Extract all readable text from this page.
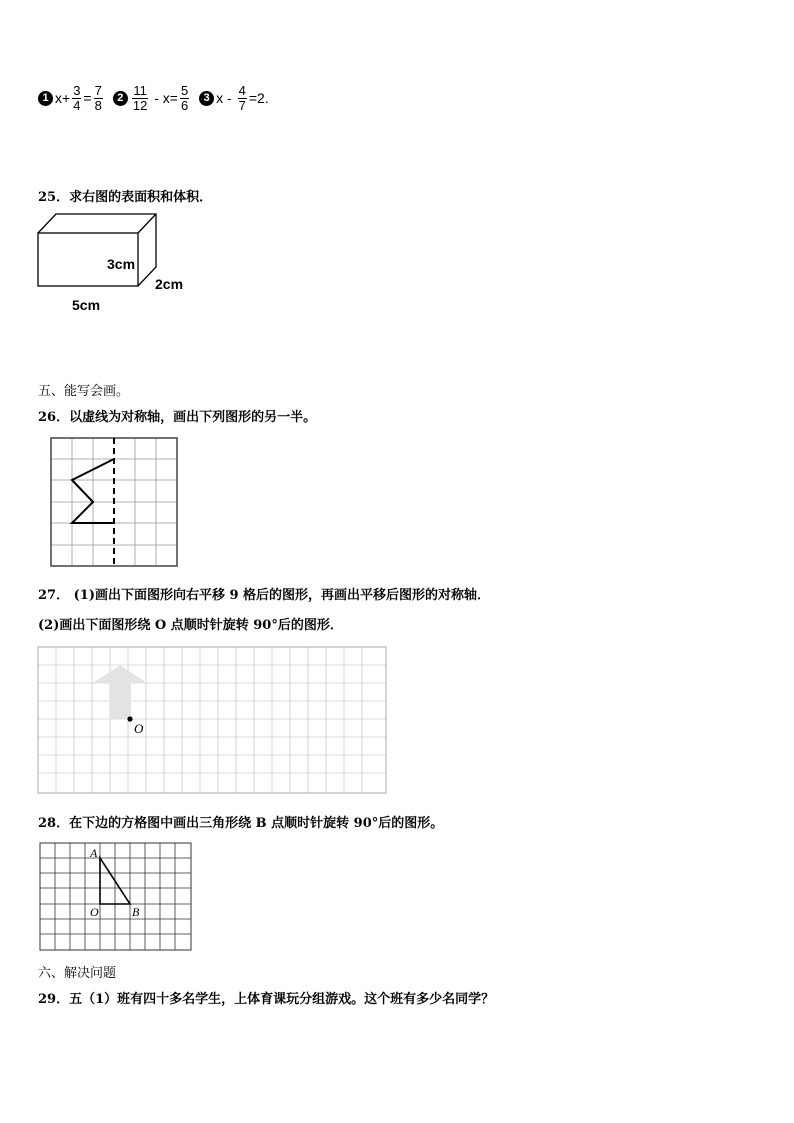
1 $x+ \frac{3}{4} = \frac{7}{8}$	$2 \frac{11}{12} - x= \frac{5}{6}$	3 $x - \frac{4}{7} =2$.
25．求右图的表面积和体积．
3cm
2cm
5cm
五、能写会画。
26．以虚线为对称轴，画出下列图形的另一半。
27． (1)画出下面图形向右平移 9 格后的图形，再画出平移后图形的对称轴．
(2)画出下面图形绕 O 点顺时针旋转 90°后的图形．
O
28．在下边的方格图中画出三角形绕 B 点顺时针旋转 90°后的图形。
A
O	B
六、解决问题
29．五（1）班有四十多名学生，上体育课玩分组游戏。这个班有多少名同学？
